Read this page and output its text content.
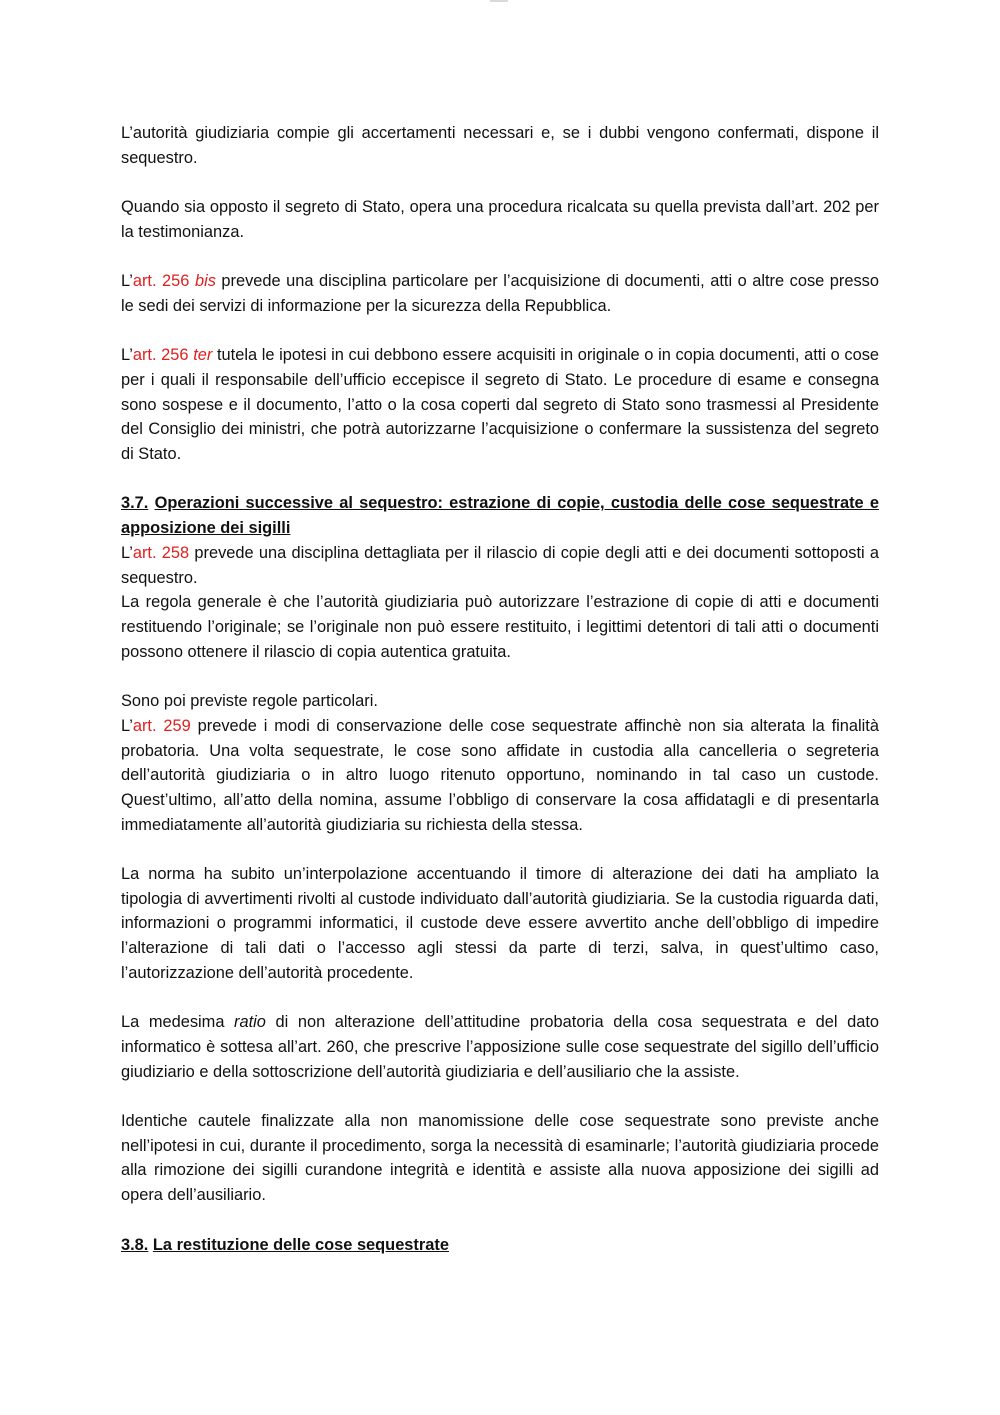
L’autorità giudiziaria compie gli accertamenti necessari e, se i dubbi vengono confermati, dispone il sequestro.

Quando sia opposto il segreto di Stato, opera una procedura ricalcata su quella prevista dall’art. 202 per la testimonianza.

L’art. 256 bis prevede una disciplina particolare per l’acquisizione di documenti, atti o altre cose presso le sedi dei servizi di informazione per la sicurezza della Repubblica.

L’art. 256 ter tutela le ipotesi in cui debbono essere acquisiti in originale o in copia documenti, atti o cose per i quali il responsabile dell’ufficio eccepisce il segreto di Stato. Le procedure di esame e consegna sono sospese e il documento, l’atto o la cosa coperti dal segreto di Stato sono trasmessi al Presidente del Consiglio dei ministri, che potrà autorizzarne l’acquisizione o confermare la sussistenza del segreto di Stato.

3.7. Operazioni successive al sequestro: estrazione di copie, custodia delle cose sequestrate e apposizione dei sigilli

L’art. 258 prevede una disciplina dettagliata per il rilascio di copie degli atti e dei documenti sottoposti a sequestro.

La regola generale è che l’autorità giudiziaria può autorizzare l’estrazione di copie di atti e documenti restituendo l’originale; se l’originale non può essere restituito, i legittimi detentori di tali atti o documenti possono ottenere il rilascio di copia autentica gratuita.

Sono poi previste regole particolari.

L’art. 259 prevede i modi di conservazione delle cose sequestrate affinchè non sia alterata la finalità probatoria. Una volta sequestrate, le cose sono affidate in custodia alla cancelleria o segreteria dell’autorità giudiziaria o in altro luogo ritenuto opportuno, nominando in tal caso un custode. Quest’ultimo, all’atto della nomina, assume l’obbligo di conservare la cosa affidatagli e di presentarla immediatamente all’autorità giudiziaria su richiesta della stessa.

La norma ha subito un’interpolazione accentuando il timore di alterazione dei dati ha ampliato la tipologia di avvertimenti rivolti al custode individuato dall’autorità giudiziaria. Se la custodia riguarda dati, informazioni o programmi informatici, il custode deve essere avvertito anche dell’obbligo di impedire l’alterazione di tali dati o l’accesso agli stessi da parte di terzi, salva, in quest’ultimo caso, l’autorizzazione dell’autorità procedente.

La medesima ratio di non alterazione dell’attitudine probatoria della cosa sequestrata e del dato informatico è sottesa all’art. 260, che prescrive l’apposizione sulle cose sequestrate del sigillo dell’ufficio giudiziario e della sottoscrizione dell’autorità giudiziaria e dell’ausiliario che la assiste.

Identiche cautele finalizzate alla non manomissione delle cose sequestrate sono previste anche nell’ipotesi in cui, durante il procedimento, sorga la necessità di esaminarle; l’autorità giudiziaria procede alla rimozione dei sigilli curandone integrità e identità e assiste alla nuova apposizione dei sigilli ad opera dell’ausiliario.

3.8. La restituzione delle cose sequestrate
